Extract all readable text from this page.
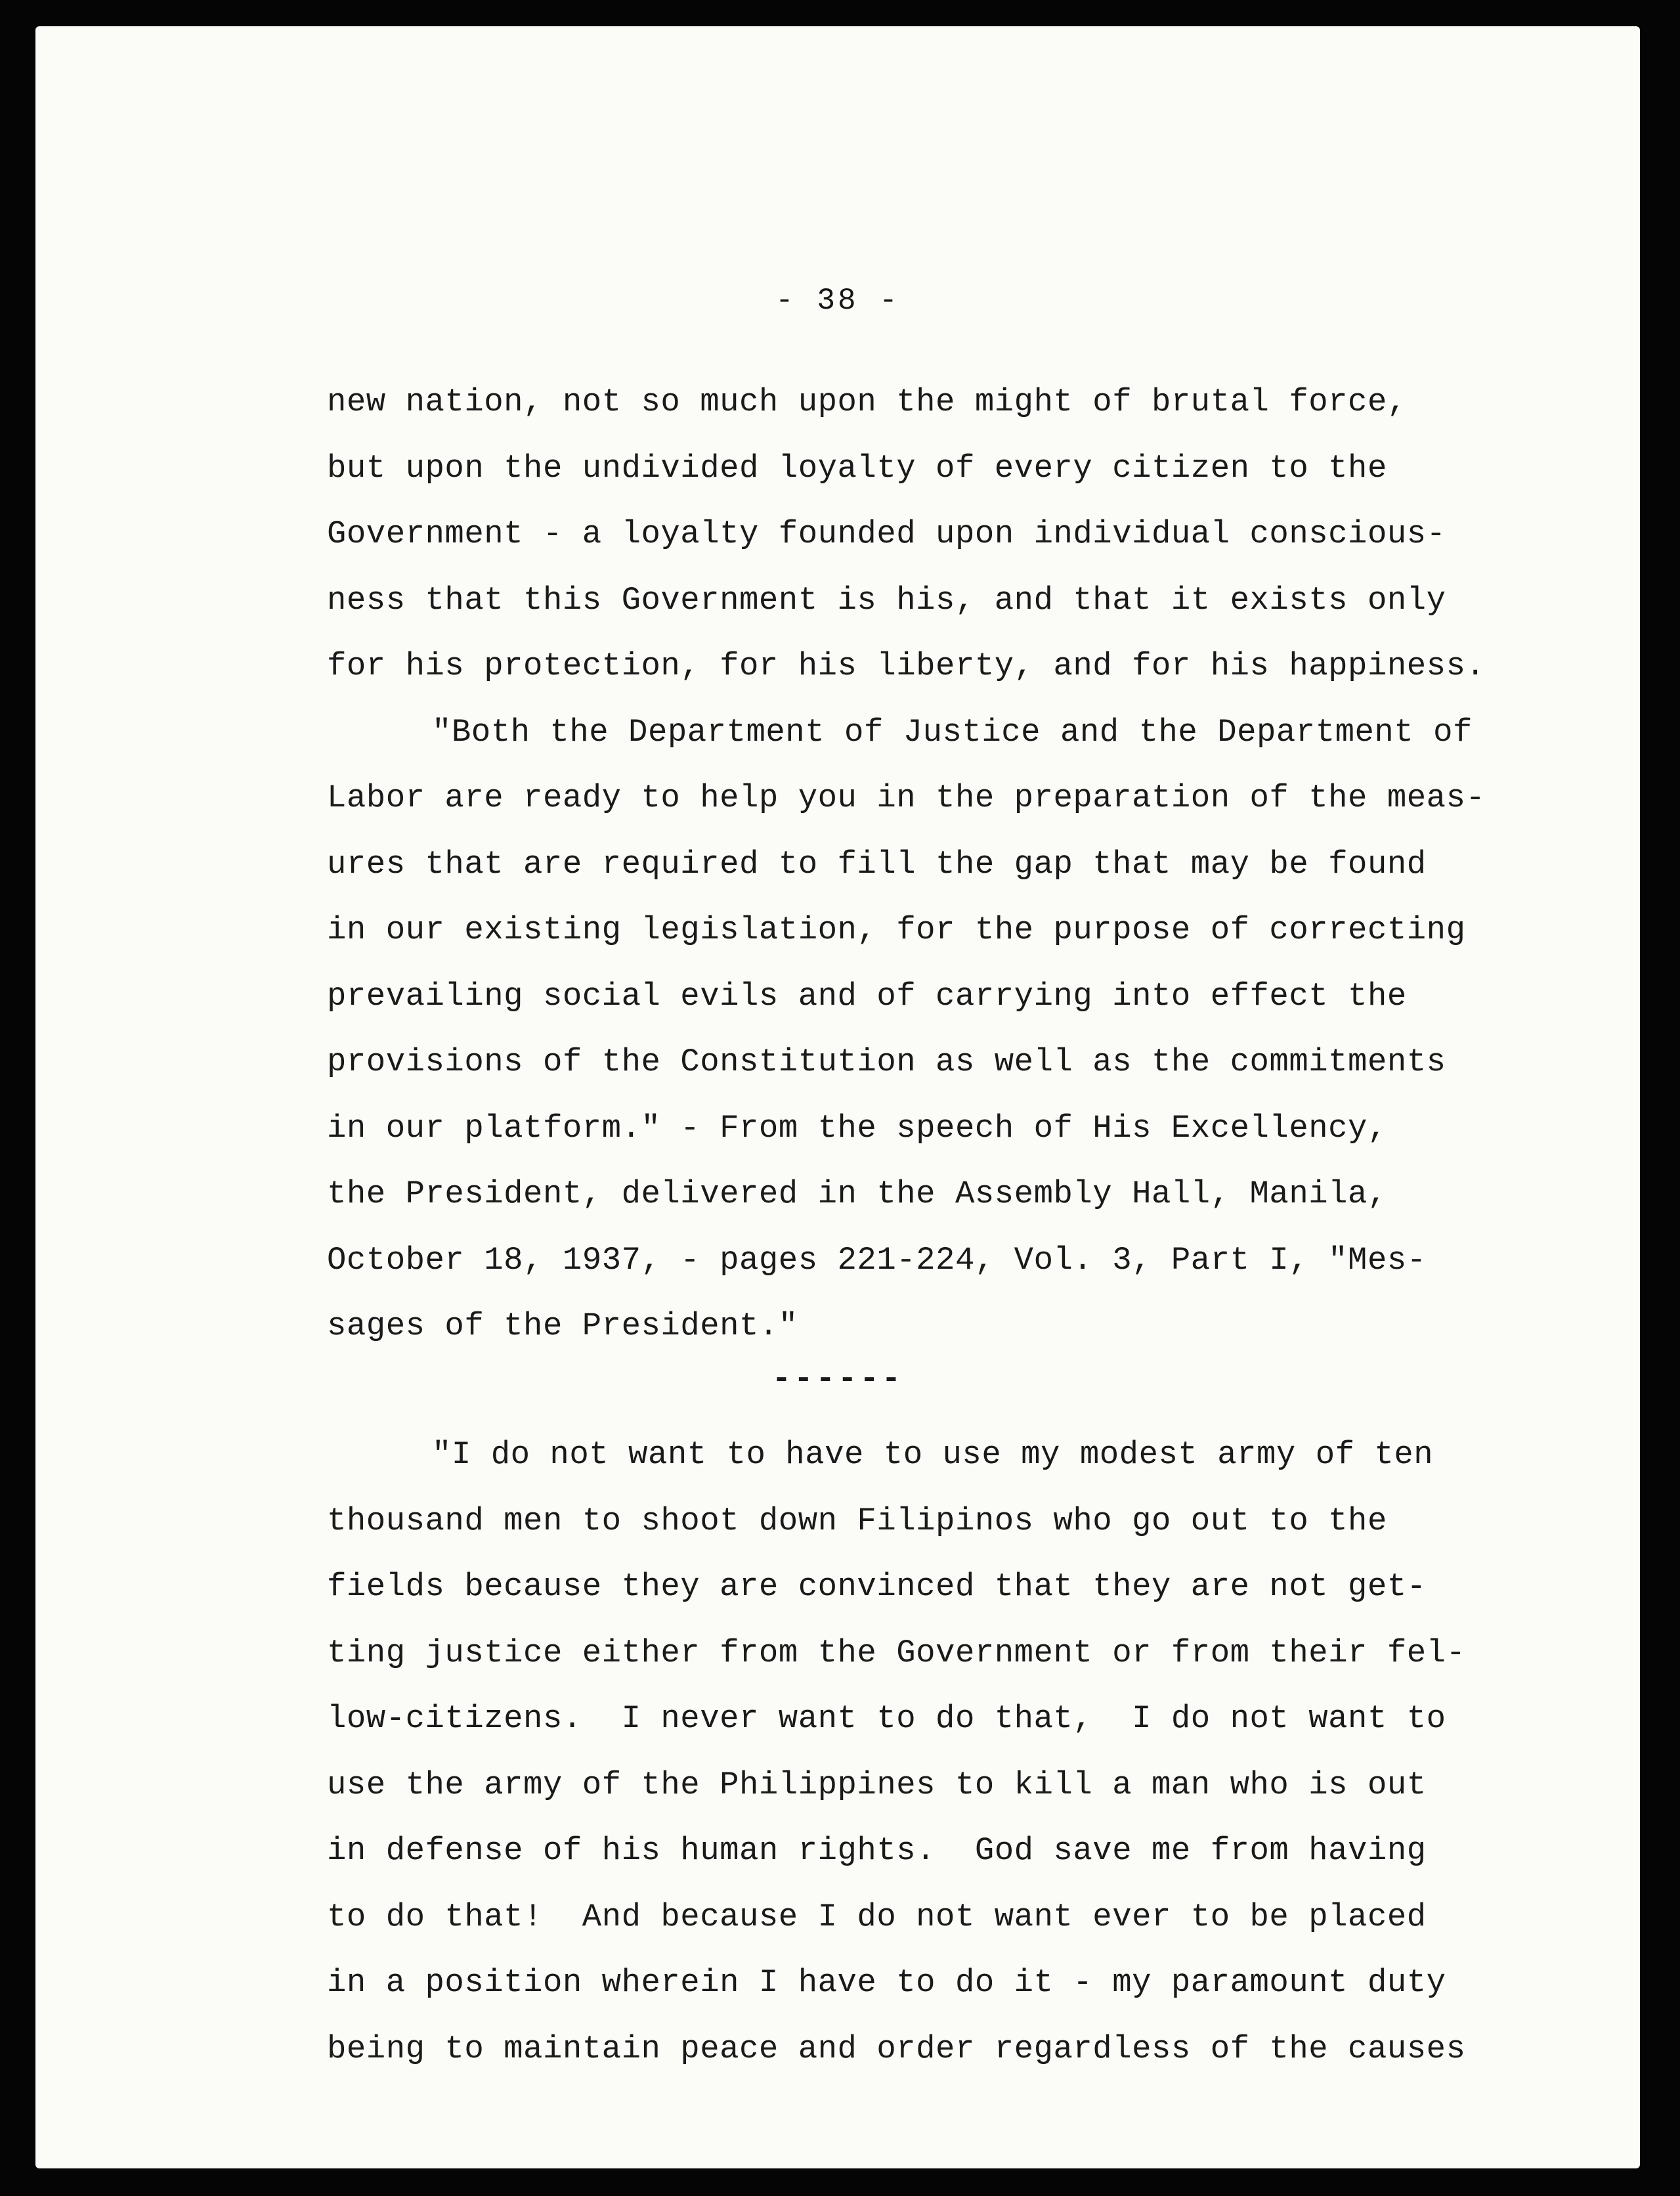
- 38 -
new nation, not so much upon the might of brutal force,
but upon the undivided loyalty of every citizen to the
Government - a loyalty founded upon individual conscious-
ness that this Government is his, and that it exists only
for his protection, for his liberty, and for his happiness.
"Both the Department of Justice and the Department of
Labor are ready to help you in the preparation of the meas-
ures that are required to fill the gap that may be found
in our existing legislation, for the purpose of correcting
prevailing social evils and of carrying into effect the
provisions of the Constitution as well as the commitments
in our platform." - From the speech of His Excellency,
the President, delivered in the Assembly Hall, Manila,
October 18, 1937, - pages 221-224, Vol. 3, Part I, "Mes-
sages of the President."
------
"I do not want to have to use my modest army of ten
thousand men to shoot down Filipinos who go out to the
fields because they are convinced that they are not get-
ting justice either from the Government or from their fel-
low-citizens.  I never want to do that,  I do not want to
use the army of the Philippines to kill a man who is out
in defense of his human rights.  God save me from having
to do that!  And because I do not want ever to be placed
in a position wherein I have to do it - my paramount duty
being to maintain peace and order regardless of the causes
